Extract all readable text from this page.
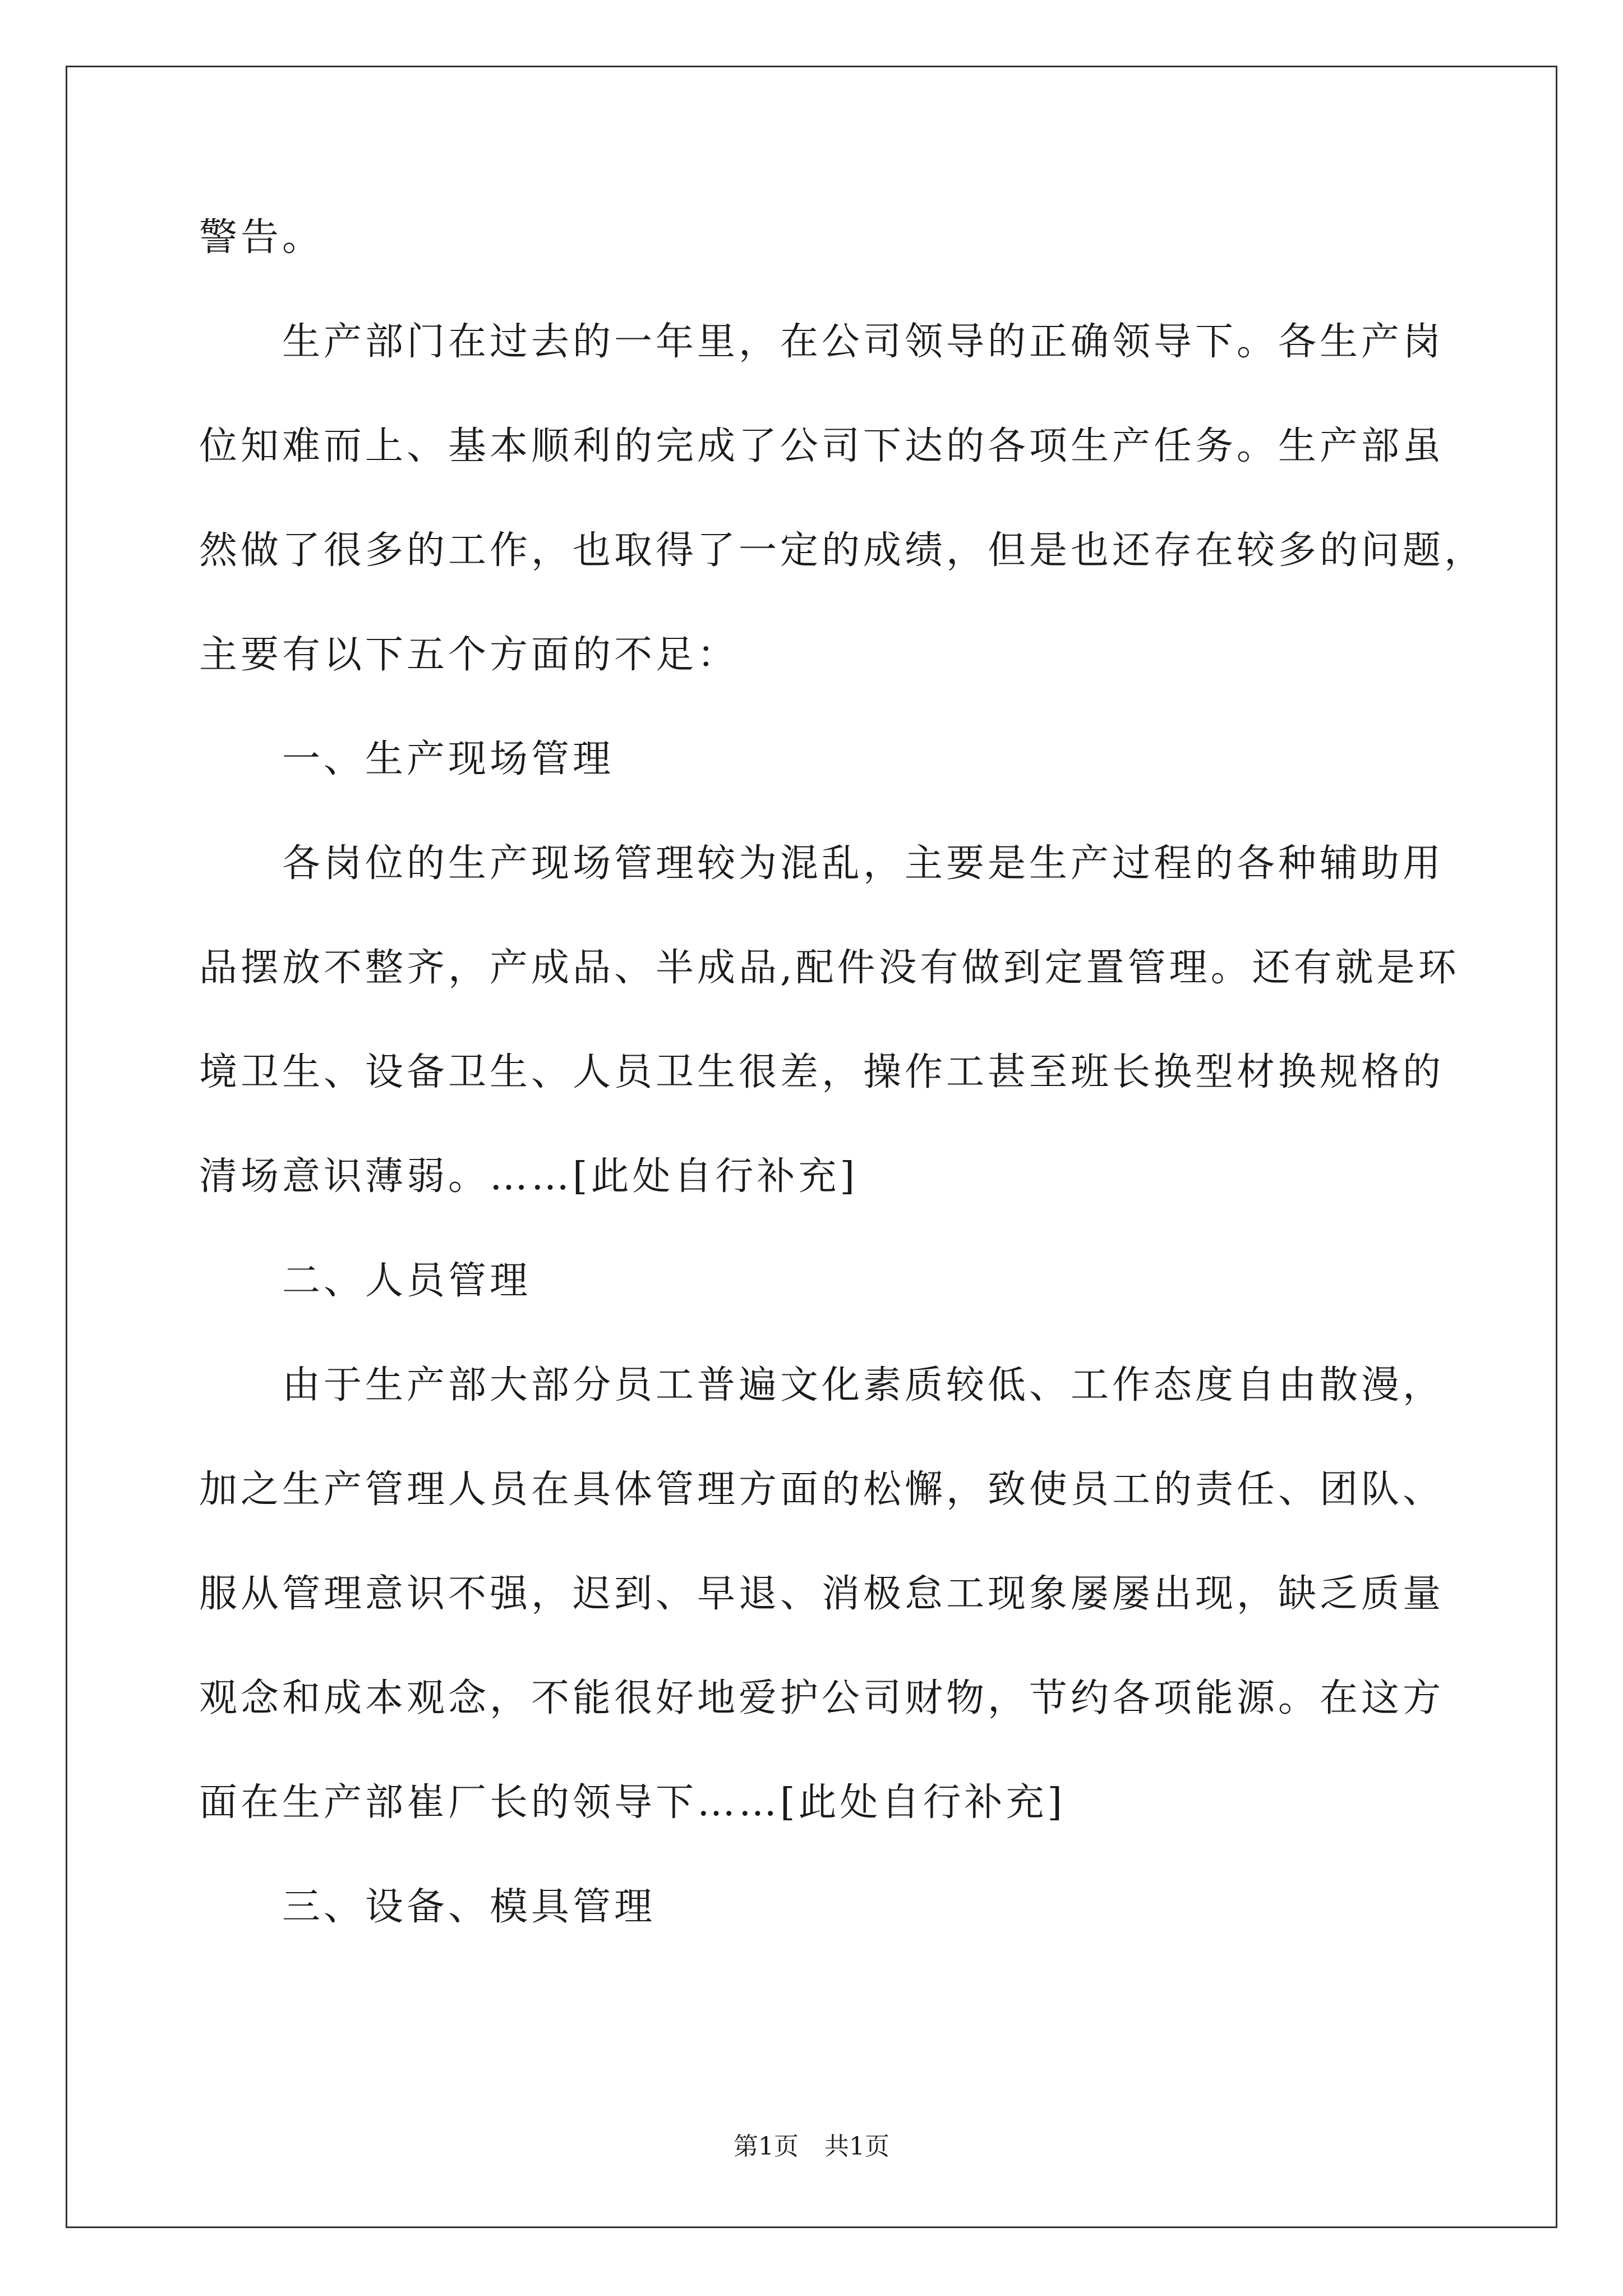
警告。

生产部门在过去的一年里，在公司领导的正确领导下。各生产岗

位知难而上、基本顺利的完成了公司下达的各项生产任务。生产部虽

然做了很多的工作，也取得了一定的成绩，但是也还存在较多的问题，

主要有以下五个方面的不足：

一、生产现场管理

各岗位的生产现场管理较为混乱，主要是生产过程的各种辅助用

品摆放不整齐，产成品、半成品,配件没有做到定置管理。还有就是环

境卫生、设备卫生、人员卫生很差，操作工甚至班长换型材换规格的

清场意识薄弱。……[此处自行补充]

二、人员管理

由于生产部大部分员工普遍文化素质较低、工作态度自由散漫，

加之生产管理人员在具体管理方面的松懈，致使员工的责任、团队、

服从管理意识不强，迟到、早退、消极怠工现象屡屡出现，缺乏质量

观念和成本观念，不能很好地爱护公司财物，节约各项能源。在这方

面在生产部崔厂长的领导下……[此处自行补充]

三、设备、模具管理

第1页 共1页
